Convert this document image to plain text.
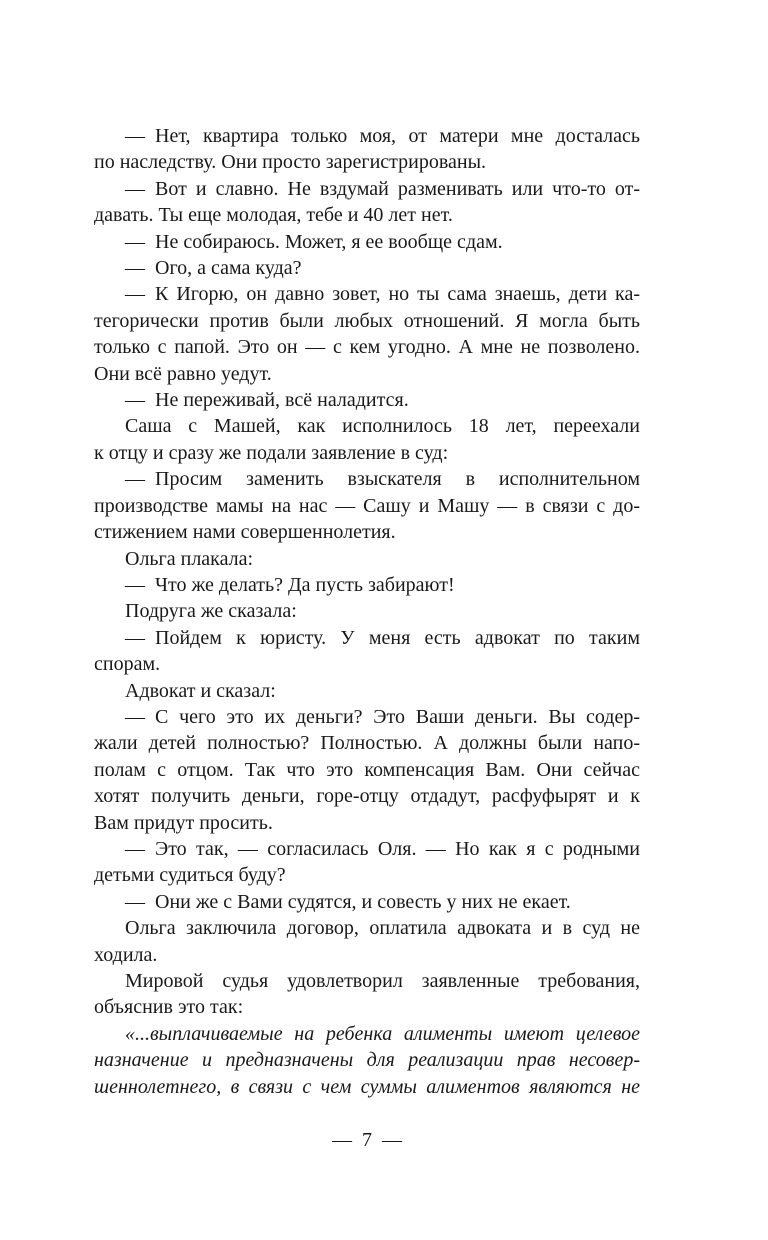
— Нет, квартира только моя, от матери мне досталась
по наследству. Они просто зарегистрированы.
— Вот и славно. Не вздумай разменивать или что-то от-
давать. Ты еще молодая, тебе и 40 лет нет.
— Не собираюсь. Может, я ее вообще сдам.
— Ого, а сама куда?
— К Игорю, он давно зовет, но ты сама знаешь, дети ка-
тегорически против были любых отношений. Я могла быть
только с папой. Это он — с кем угодно. А мне не позволено.
Они всё равно уедут.
— Не переживай, всё наладится.
Саша с Машей, как исполнилось 18 лет, переехали
к отцу и сразу же подали заявление в суд:
— Просим заменить взыскателя в исполнительном
производстве мамы на нас — Сашу и Машу — в связи с до-
стижением нами совершеннолетия.
Ольга плакала:
— Что же делать? Да пусть забирают!
Подруга же сказала:
— Пойдем к юристу. У меня есть адвокат по таким
спорам.
Адвокат и сказал:
— С чего это их деньги? Это Ваши деньги. Вы содер-
жали детей полностью? Полностью. А должны были напо-
полам с отцом. Так что это компенсация Вам. Они сейчас
хотят получить деньги, горе-отцу отдадут, расфуфырят и к
Вам придут просить.
— Это так, — согласилась Оля. — Но как я с родными
детьми судиться буду?
— Они же с Вами судятся, и совесть у них не екает.
Ольга заключила договор, оплатила адвоката и в суд не
ходила.
Мировой судья удовлетворил заявленные требования,
объяснив это так:
«...выплачиваемые на ребенка алименты имеют целевое
назначение и предназначены для реализации прав несовер-
шеннолетнего, в связи с чем суммы алиментов являются не
— 7 —
